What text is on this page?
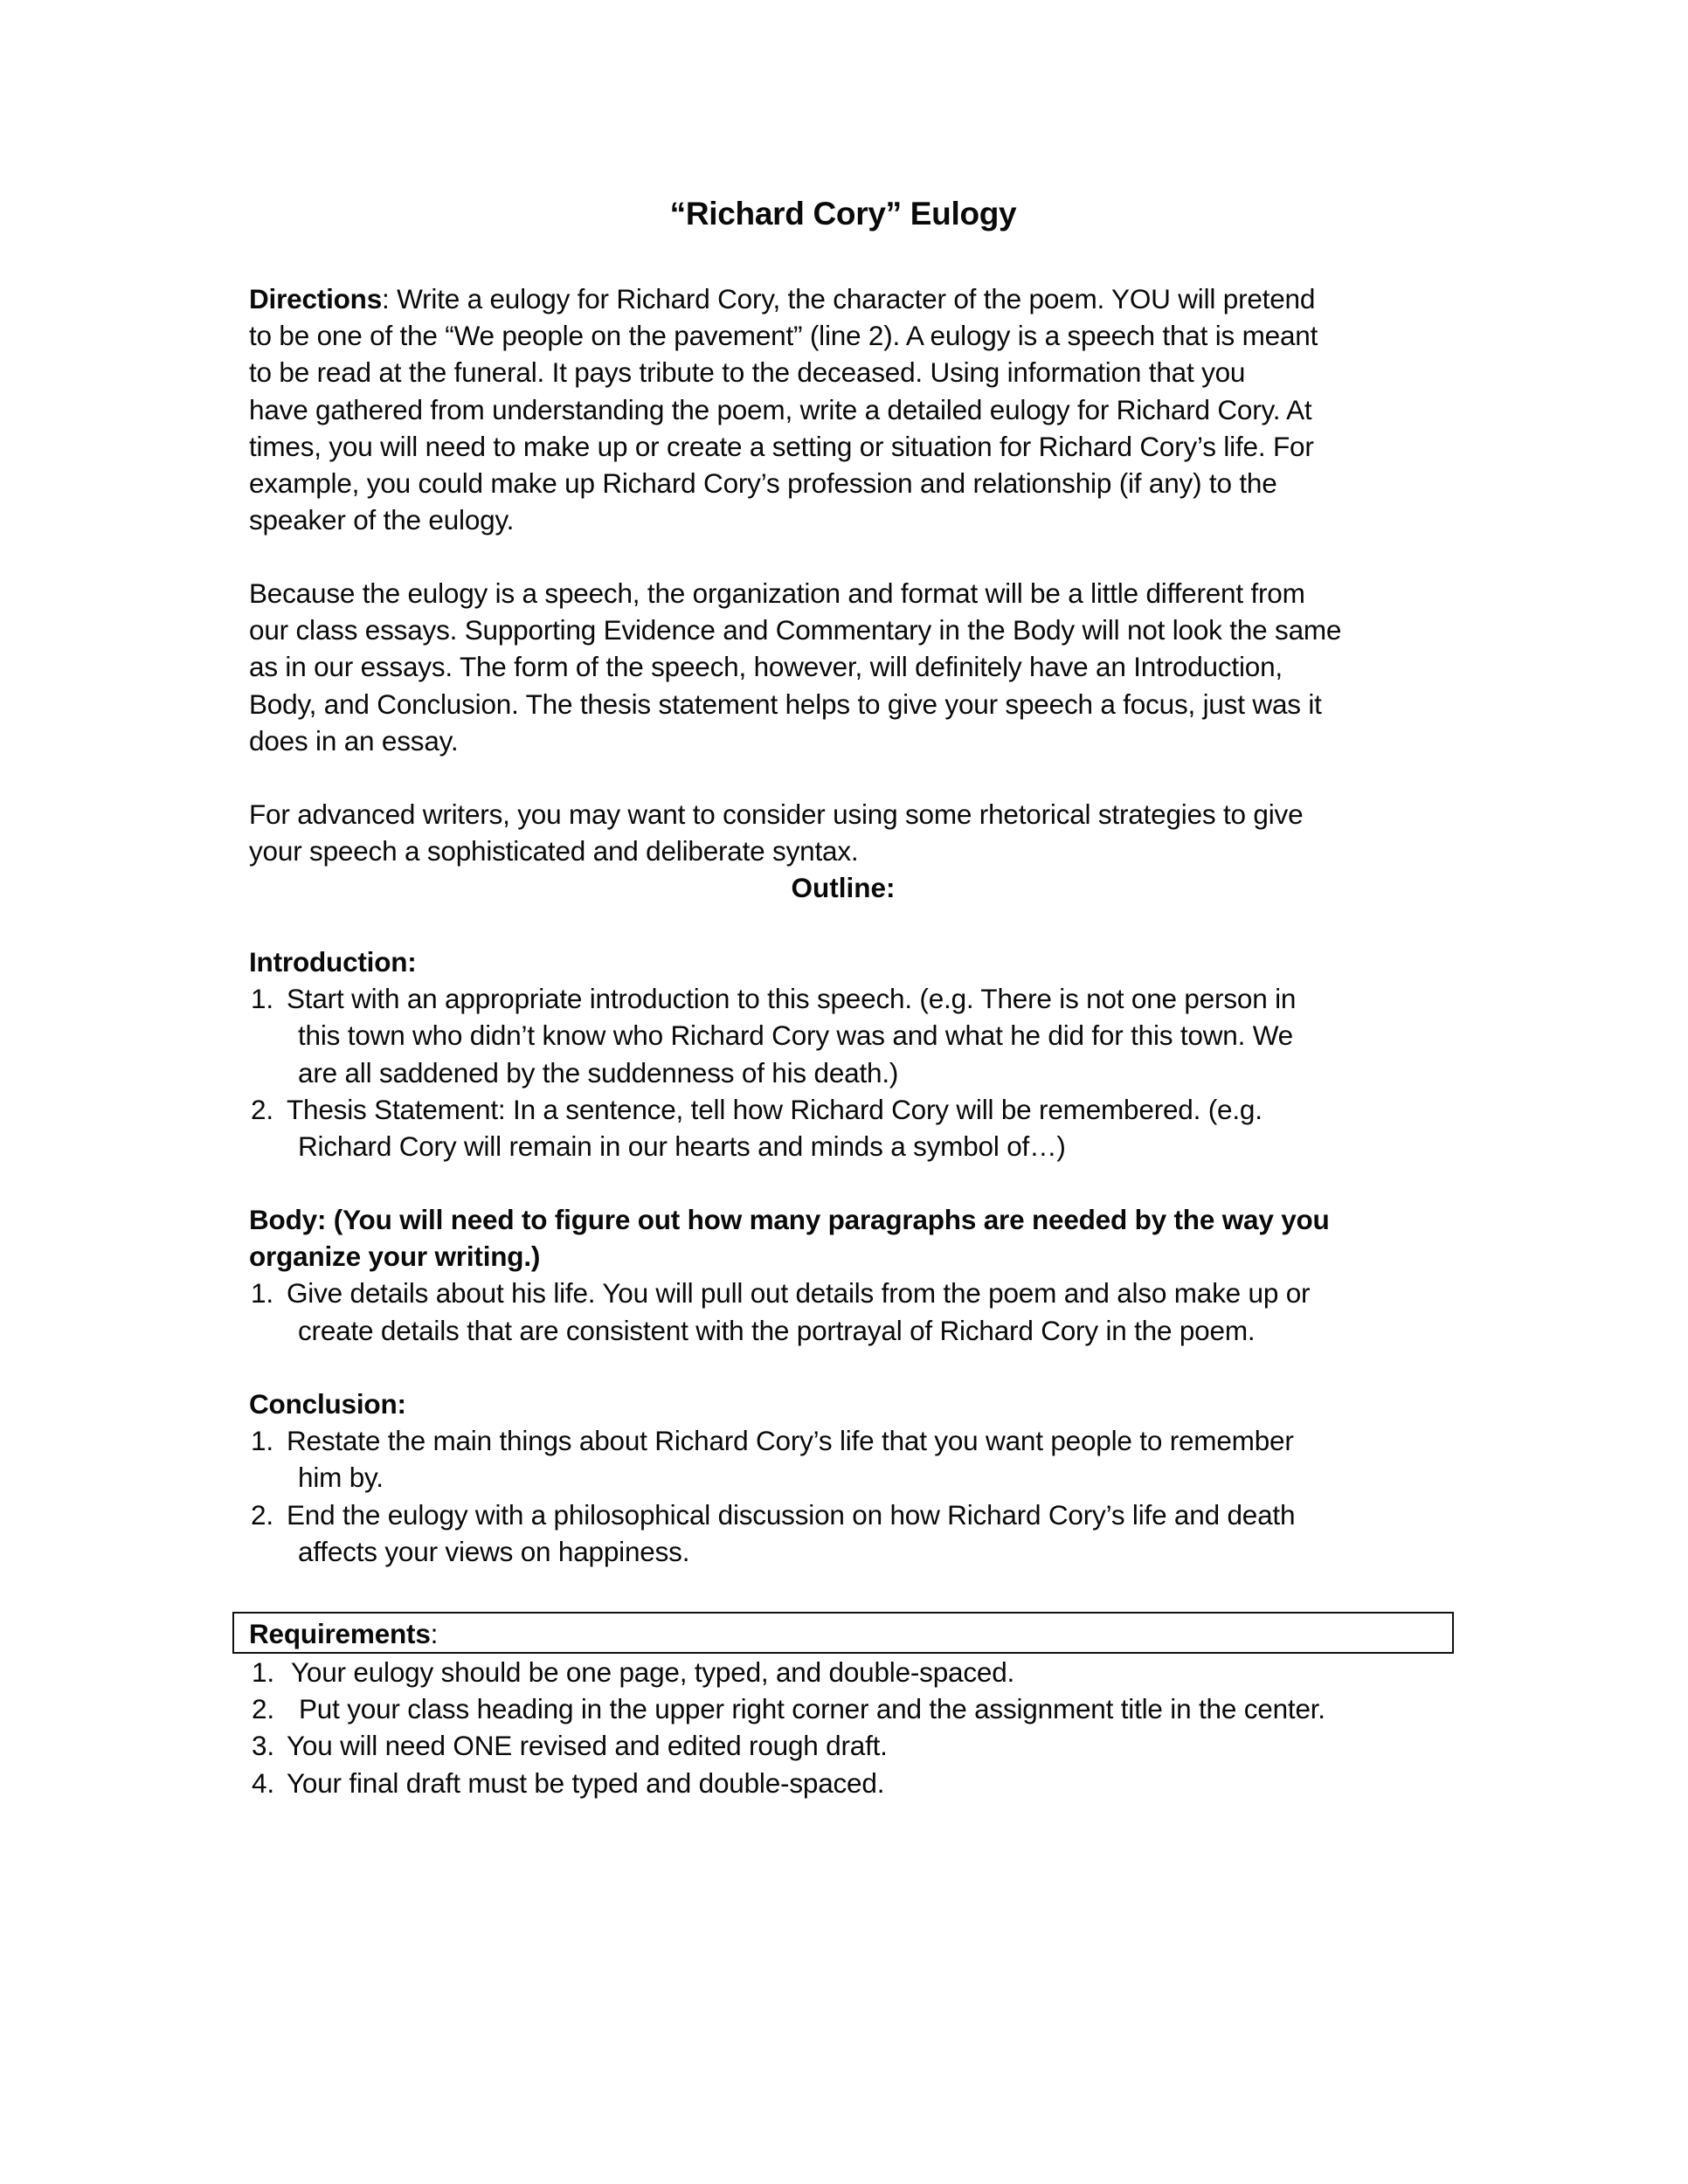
“Richard Cory” Eulogy
Directions: Write a eulogy for Richard Cory, the character of the poem. YOU will pretend
to be one of the “We people on the pavement” (line 2). A eulogy is a speech that is meant
to be read at the funeral. It pays tribute to the deceased. Using information that you
have gathered from understanding the poem, write a detailed eulogy for Richard Cory. At
times, you will need to make up or create a setting or situation for Richard Cory’s life. For
example, you could make up Richard Cory’s profession and relationship (if any) to the
speaker of the eulogy.
Because the eulogy is a speech, the organization and format will be a little different from
our class essays. Supporting Evidence and Commentary in the Body will not look the same
as in our essays. The form of the speech, however, will definitely have an Introduction,
Body, and Conclusion. The thesis statement helps to give your speech a focus, just was it
does in an essay.
For advanced writers, you may want to consider using some rhetorical strategies to give
your speech a sophisticated and deliberate syntax.
Outline:
Introduction:
1. Start with an appropriate introduction to this speech. (e.g. There is not one person in
this town who didn’t know who Richard Cory was and what he did for this town. We
are all saddened by the suddenness of his death.)
2. Thesis Statement: In a sentence, tell how Richard Cory will be remembered. (e.g.
Richard Cory will remain in our hearts and minds a symbol of…)
Body: (You will need to figure out how many paragraphs are needed by the way you
organize your writing.)
1. Give details about his life. You will pull out details from the poem and also make up or
create details that are consistent with the portrayal of Richard Cory in the poem.
Conclusion:
1. Restate the main things about Richard Cory’s life that you want people to remember
him by.
2. End the eulogy with a philosophical discussion on how Richard Cory’s life and death
affects your views on happiness.
Requirements:
1. Your eulogy should be one page, typed, and double-spaced.
2. Put your class heading in the upper right corner and the assignment title in the center.
3. You will need ONE revised and edited rough draft.
4. Your final draft must be typed and double-spaced.
